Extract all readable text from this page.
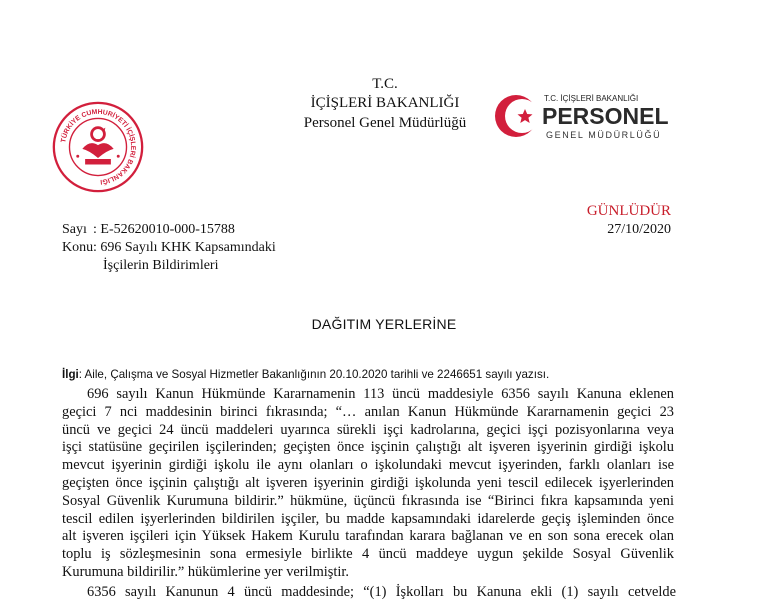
TÜRKİYE CUMHURİYETİ İÇİŞLERİ BAKANLIĞI
T.C.
İÇİŞLERİ BAKANLIĞI
Personel Genel Müdürlüğü
T.C. İÇİŞLERİ BAKANLIĞI
PERSONEL
GENEL MÜDÜRLÜĞÜ
GÜNLÜDÜR
27/10/2020
Sayı : E-52620010-000-15788
Konu: 696 Sayılı KHK Kapsamındaki
İşçilerin Bildirimleri
DAĞITIM YERLERİNE
İlgi: Aile, Çalışma ve Sosyal Hizmetler Bakanlığının 20.10.2020 tarihli ve 2246651 sayılı yazısı.
696 sayılı Kanun Hükmünde Kararnamenin 113 üncü maddesiyle 6356 sayılı Kanuna eklenen
geçici 7 nci maddesinin birinci fıkrasında; “… anılan Kanun Hükmünde Kararnamenin geçici 23
üncü ve geçici 24 üncü maddeleri uyarınca sürekli işçi kadrolarına, geçici işçi pozisyonlarına veya
işçi statüsüne geçirilen işçilerinden; geçişten önce işçinin çalıştığı alt işveren işyerinin girdiği işkolu
mevcut işyerinin girdiği işkolu ile aynı olanları o işkolundaki mevcut işyerinden, farklı olanları ise
geçişten önce işçinin çalıştığı alt işveren işyerinin girdiği işkolunda yeni tescil edilecek işyerlerinden
Sosyal Güvenlik Kurumuna bildirir.” hükmüne, üçüncü fıkrasında ise “Birinci fıkra kapsamında yeni
tescil edilen işyerlerinden bildirilen işçiler, bu madde kapsamındaki idarelerde geçiş işleminden önce
alt işveren işçileri için Yüksek Hakem Kurulu tarafından karara bağlanan ve en son sona erecek olan
toplu iş sözleşmesinin sona ermesiyle birlikte 4 üncü maddeye uygun şekilde Sosyal Güvenlik
Kurumuna bildirilir.” hükümlerine yer verilmiştir.
6356 sayılı Kanunun 4 üncü maddesinde; “(1) İşkolları bu Kanuna ekli (1) sayılı cetvelde
